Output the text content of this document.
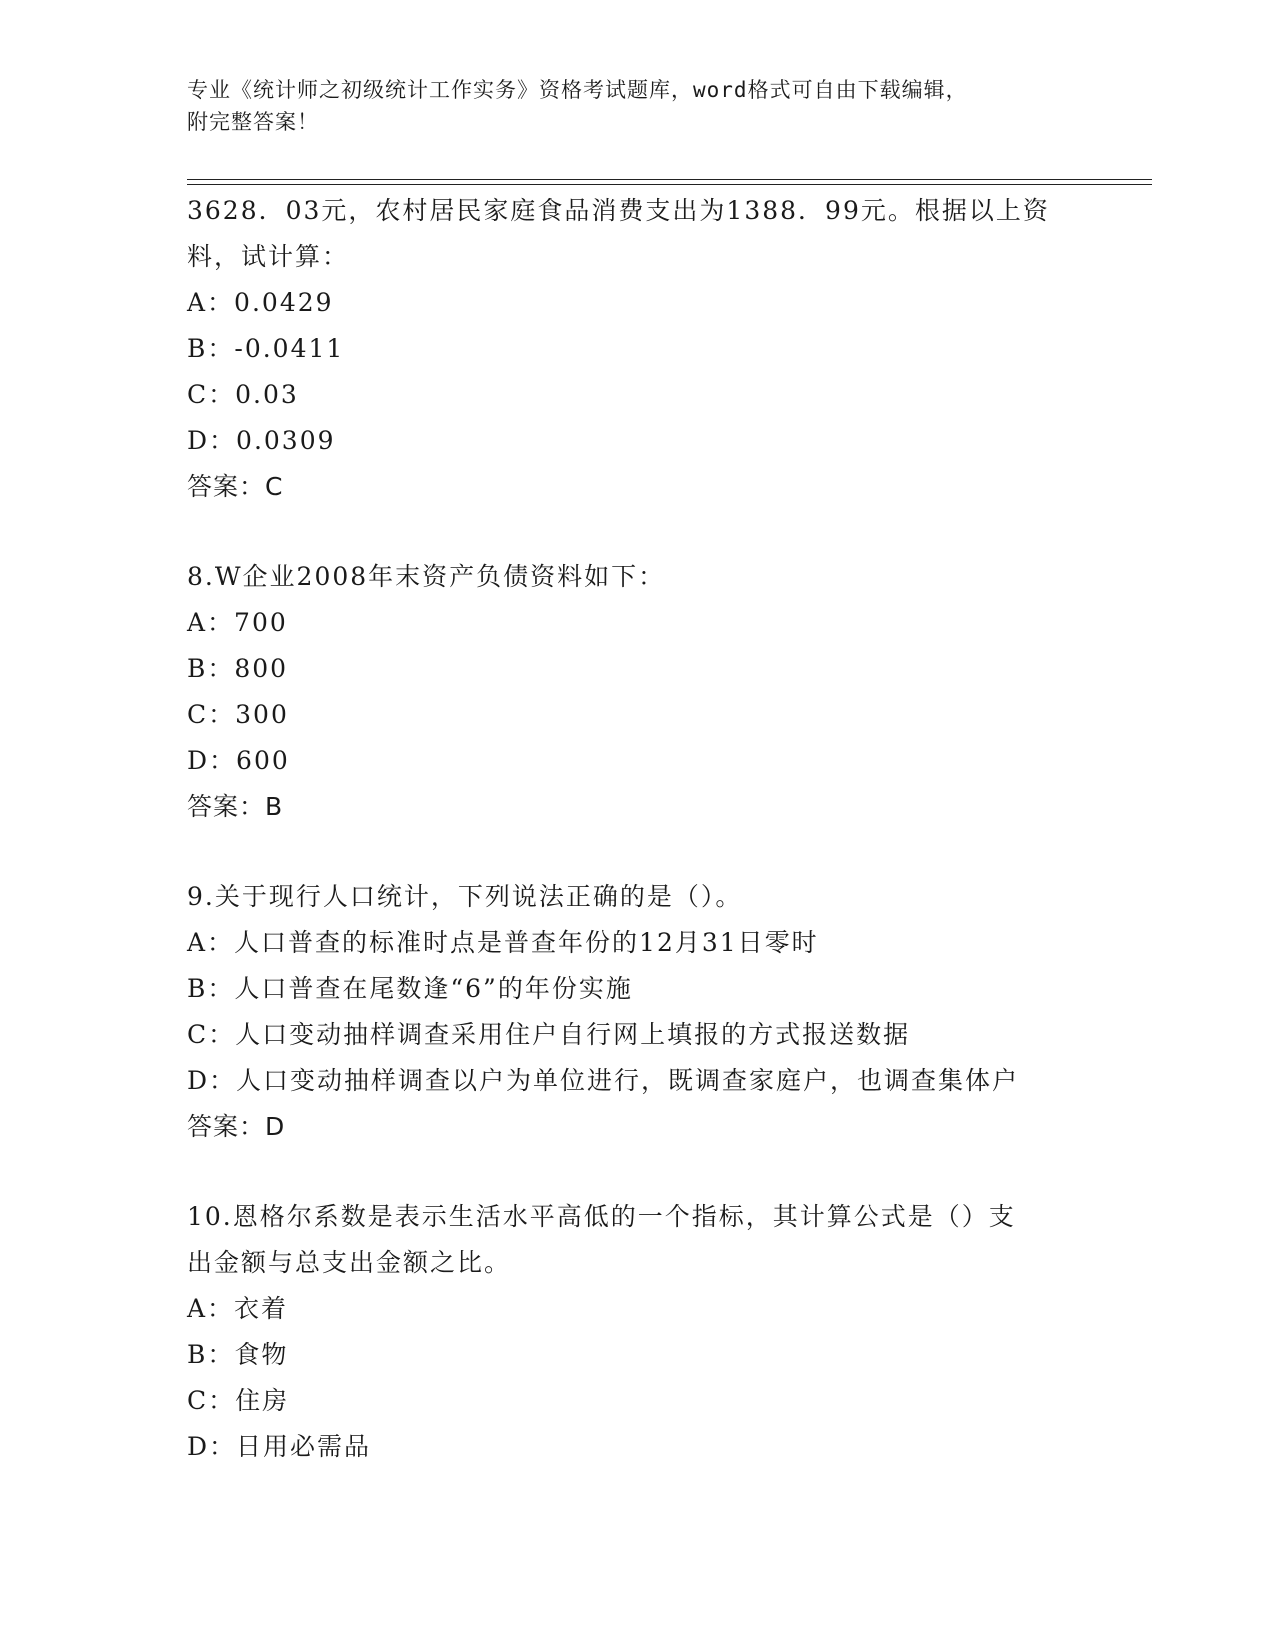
专业《统计师之初级统计工作实务》资格考试题库，word格式可自由下载编辑，
附完整答案！
3628．03元，农村居民家庭食品消费支出为1388．99元。根据以上资
料，试计算：
A：0.0429
B：-0.0411
C：0.03
D：0.0309
答案：C
8.W企业2008年末资产负债资料如下：
A：700
B：800
C：300
D：600
答案：B
9.关于现行人口统计，下列说法正确的是（）。
A：人口普查的标准时点是普查年份的12月31日零时
B：人口普查在尾数逢“6”的年份实施
C：人口变动抽样调查采用住户自行网上填报的方式报送数据
D：人口变动抽样调查以户为单位进行，既调查家庭户，也调查集体户
答案：D
10.恩格尔系数是表示生活水平高低的一个指标，其计算公式是（）支
出金额与总支出金额之比。
A：衣着
B：食物
C：住房
D：日用必需品
